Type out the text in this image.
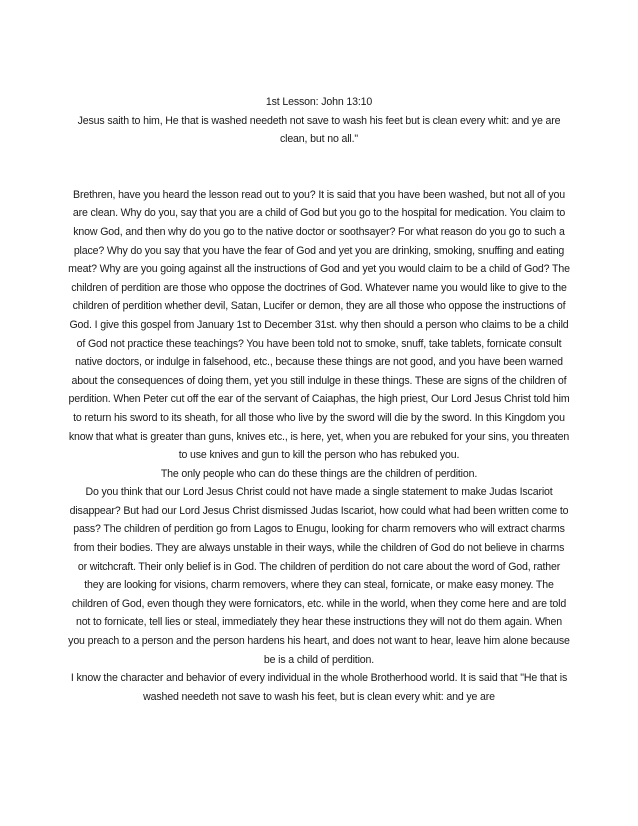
1st Lesson: John 13:10

Jesus saith to him, He that is washed needeth not save to wash his feet but is clean every whit: and ye are clean, but no all."

Brethren, have you heard the lesson read out to you? It is said that you have been washed, but not all of you are clean. Why do you, say that you are a child of God but you go to the hospital for medication. You claim to know God, and then why do you go to the native doctor or soothsayer? For what reason do you go to such a place? Why do you say that you have the fear of God and yet you are drinking, smoking, snuffing and eating meat? Why are you going against all the instructions of God and yet you would claim to be a child of God? The children of perdition are those who oppose the doctrines of God. Whatever name you would like to give to the children of perdition whether devil, Satan, Lucifer or demon, they are all those who oppose the instructions of God. I give this gospel from January 1st to December 31st. why then should a person who claims to be a child of God not practice these teachings? You have been told not to smoke, snuff, take tablets, fornicate consult native doctors, or indulge in falsehood, etc., because these things are not good, and you have been warned about the consequences of doing them, yet you still indulge in these things. These are signs of the children of perdition. When Peter cut off the ear of the servant of Caiaphas, the high priest, Our Lord Jesus Christ told him to return his sword to its sheath, for all those who live by the sword will die by the sword. In this Kingdom you know that what is greater than guns, knives etc., is here, yet, when you are rebuked for your sins, you threaten to use knives and gun to kill the person who has rebuked you.

The only people who can do these things are the children of perdition.

Do you think that our Lord Jesus Christ could not have made a single statement to make Judas Iscariot disappear? But had our Lord Jesus Christ dismissed Judas Iscariot, how could what had been written come to pass? The children of perdition go from Lagos to Enugu, looking for charm removers who will extract charms from their bodies. They are always unstable in their ways, while the children of God do not believe in charms or witchcraft. Their only belief is in God. The children of perdition do not care about the word of God, rather they are looking for visions, charm removers, where they can steal, fornicate, or make easy money. The children of God, even though they were fornicators, etc. while in the world, when they come here and are told not to fornicate, tell lies or steal, immediately they hear these instructions they will not do them again. When you preach to a person and the person hardens his heart, and does not want to hear, leave him alone because be is a child of perdition.

I know the character and behavior of every individual in the whole Brotherhood world. It is said that "He that is washed needeth not save to wash his feet, but is clean every whit: and ye are
